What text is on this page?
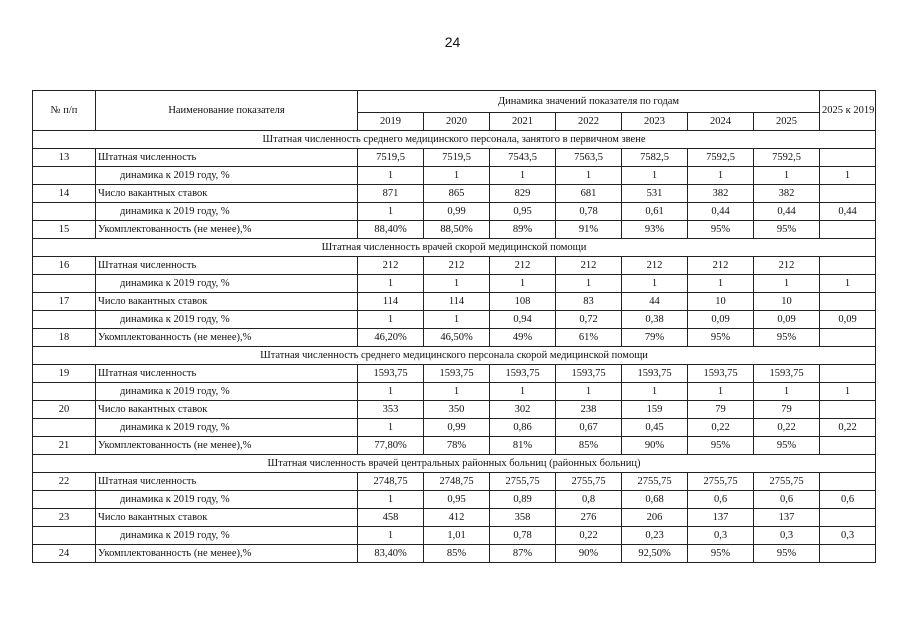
24
№ п/п	Наименование показателя	Динамика значений показателя по годам							2025 к 2019
		2019	2020	2021	2022	2023	2024	2025	
Штатная численность среднего медицинского персонала, занятого в первичном звене									
13	Штатная численность	7519,5	7519,5	7543,5	7563,5	7582,5	7592,5	7592,5	
	динамика к 2019 году, %	1	1	1	1	1	1	1	1
14	Число вакантных ставок	871	865	829	681	531	382	382	
	динамика к 2019 году, %	1	0,99	0,95	0,78	0,61	0,44	0,44	0,44
15	Укомплектованность (не менее),%	88,40%	88,50%	89%	91%	93%	95%	95%	
Штатная численность врачей скорой медицинской помощи									
16	Штатная численность	212	212	212	212	212	212	212	
	динамика к 2019 году, %	1	1	1	1	1	1	1	1
17	Число вакантных ставок	114	114	108	83	44	10	10	
	динамика к 2019 году, %	1	1	0,94	0,72	0,38	0,09	0,09	0,09
18	Укомплектованность (не менее),%	46,20%	46,50%	49%	61%	79%	95%	95%	
Штатная численность среднего медицинского персонала скорой медицинской помощи									
19	Штатная численность	1593,75	1593,75	1593,75	1593,75	1593,75	1593,75	1593,75	
	динамика к 2019 году, %	1	1	1	1	1	1	1	1
20	Число вакантных ставок	353	350	302	238	159	79	79	
	динамика к 2019 году, %	1	0,99	0,86	0,67	0,45	0,22	0,22	0,22
21	Укомплектованность (не менее),%	77,80%	78%	81%	85%	90%	95%	95%	
Штатная численность врачей центральных районных больниц (районных больниц)									
22	Штатная численность	2748,75	2748,75	2755,75	2755,75	2755,75	2755,75	2755,75	
	динамика к 2019 году, %	1	0,95	0,89	0,8	0,68	0,6	0,6	0,6
23	Число вакантных ставок	458	412	358	276	206	137	137	
	динамика к 2019 году, %	1	1,01	0,78	0,22	0,23	0,3	0,3	0,3
24	Укомплектованность (не менее),%	83,40%	85%	87%	90%	92,50%	95%	95%	
